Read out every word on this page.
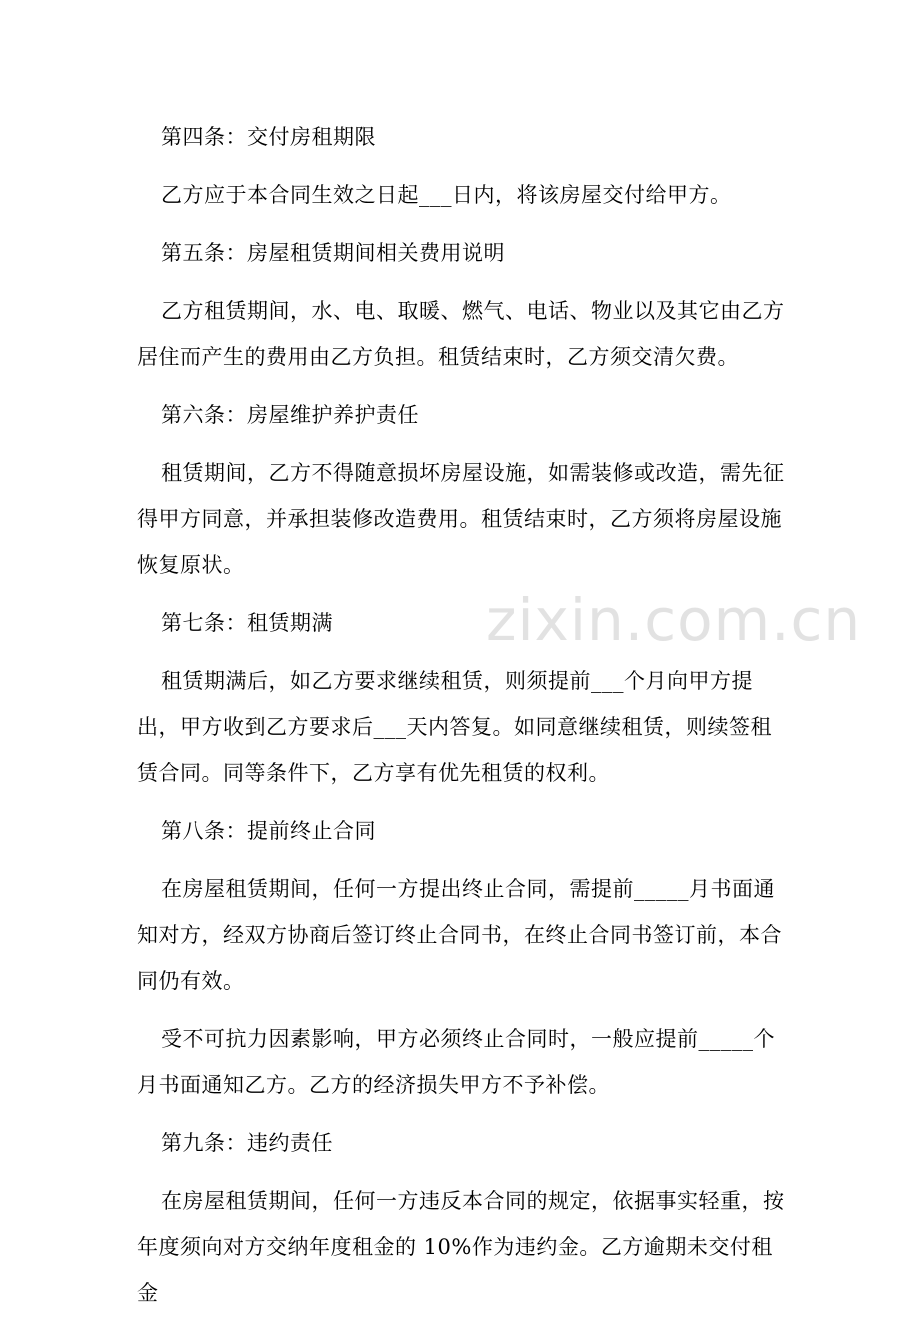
第四条：交付房租期限

乙方应于本合同生效之日起___日内，将该房屋交付给甲方。

第五条：房屋租赁期间相关费用说明

乙方租赁期间，水、电、取暖、燃气、电话、物业以及其它由乙方居住而产生的费用由乙方负担。租赁结束时，乙方须交清欠费。

第六条：房屋维护养护责任

租赁期间，乙方不得随意损坏房屋设施，如需装修或改造，需先征得甲方同意，并承担装修改造费用。租赁结束时，乙方须将房屋设施恢复原状。

第七条：租赁期满

租赁期满后，如乙方要求继续租赁，则须提前___个月向甲方提出，甲方收到乙方要求后___天内答复。如同意继续租赁，则续签租赁合同。同等条件下，乙方享有优先租赁的权利。

第八条：提前终止合同

在房屋租赁期间，任何一方提出终止合同，需提前_____月书面通知对方，经双方协商后签订终止合同书，在终止合同书签订前，本合同仍有效。

受不可抗力因素影响，甲方必须终止合同时，一般应提前_____个月书面通知乙方。乙方的经济损失甲方不予补偿。

第九条：违约责任

在房屋租赁期间，任何一方违反本合同的规定，依据事实轻重，按年度须向对方交纳年度租金的 10%作为违约金。乙方逾期未交付租金

zixin.com.cn
